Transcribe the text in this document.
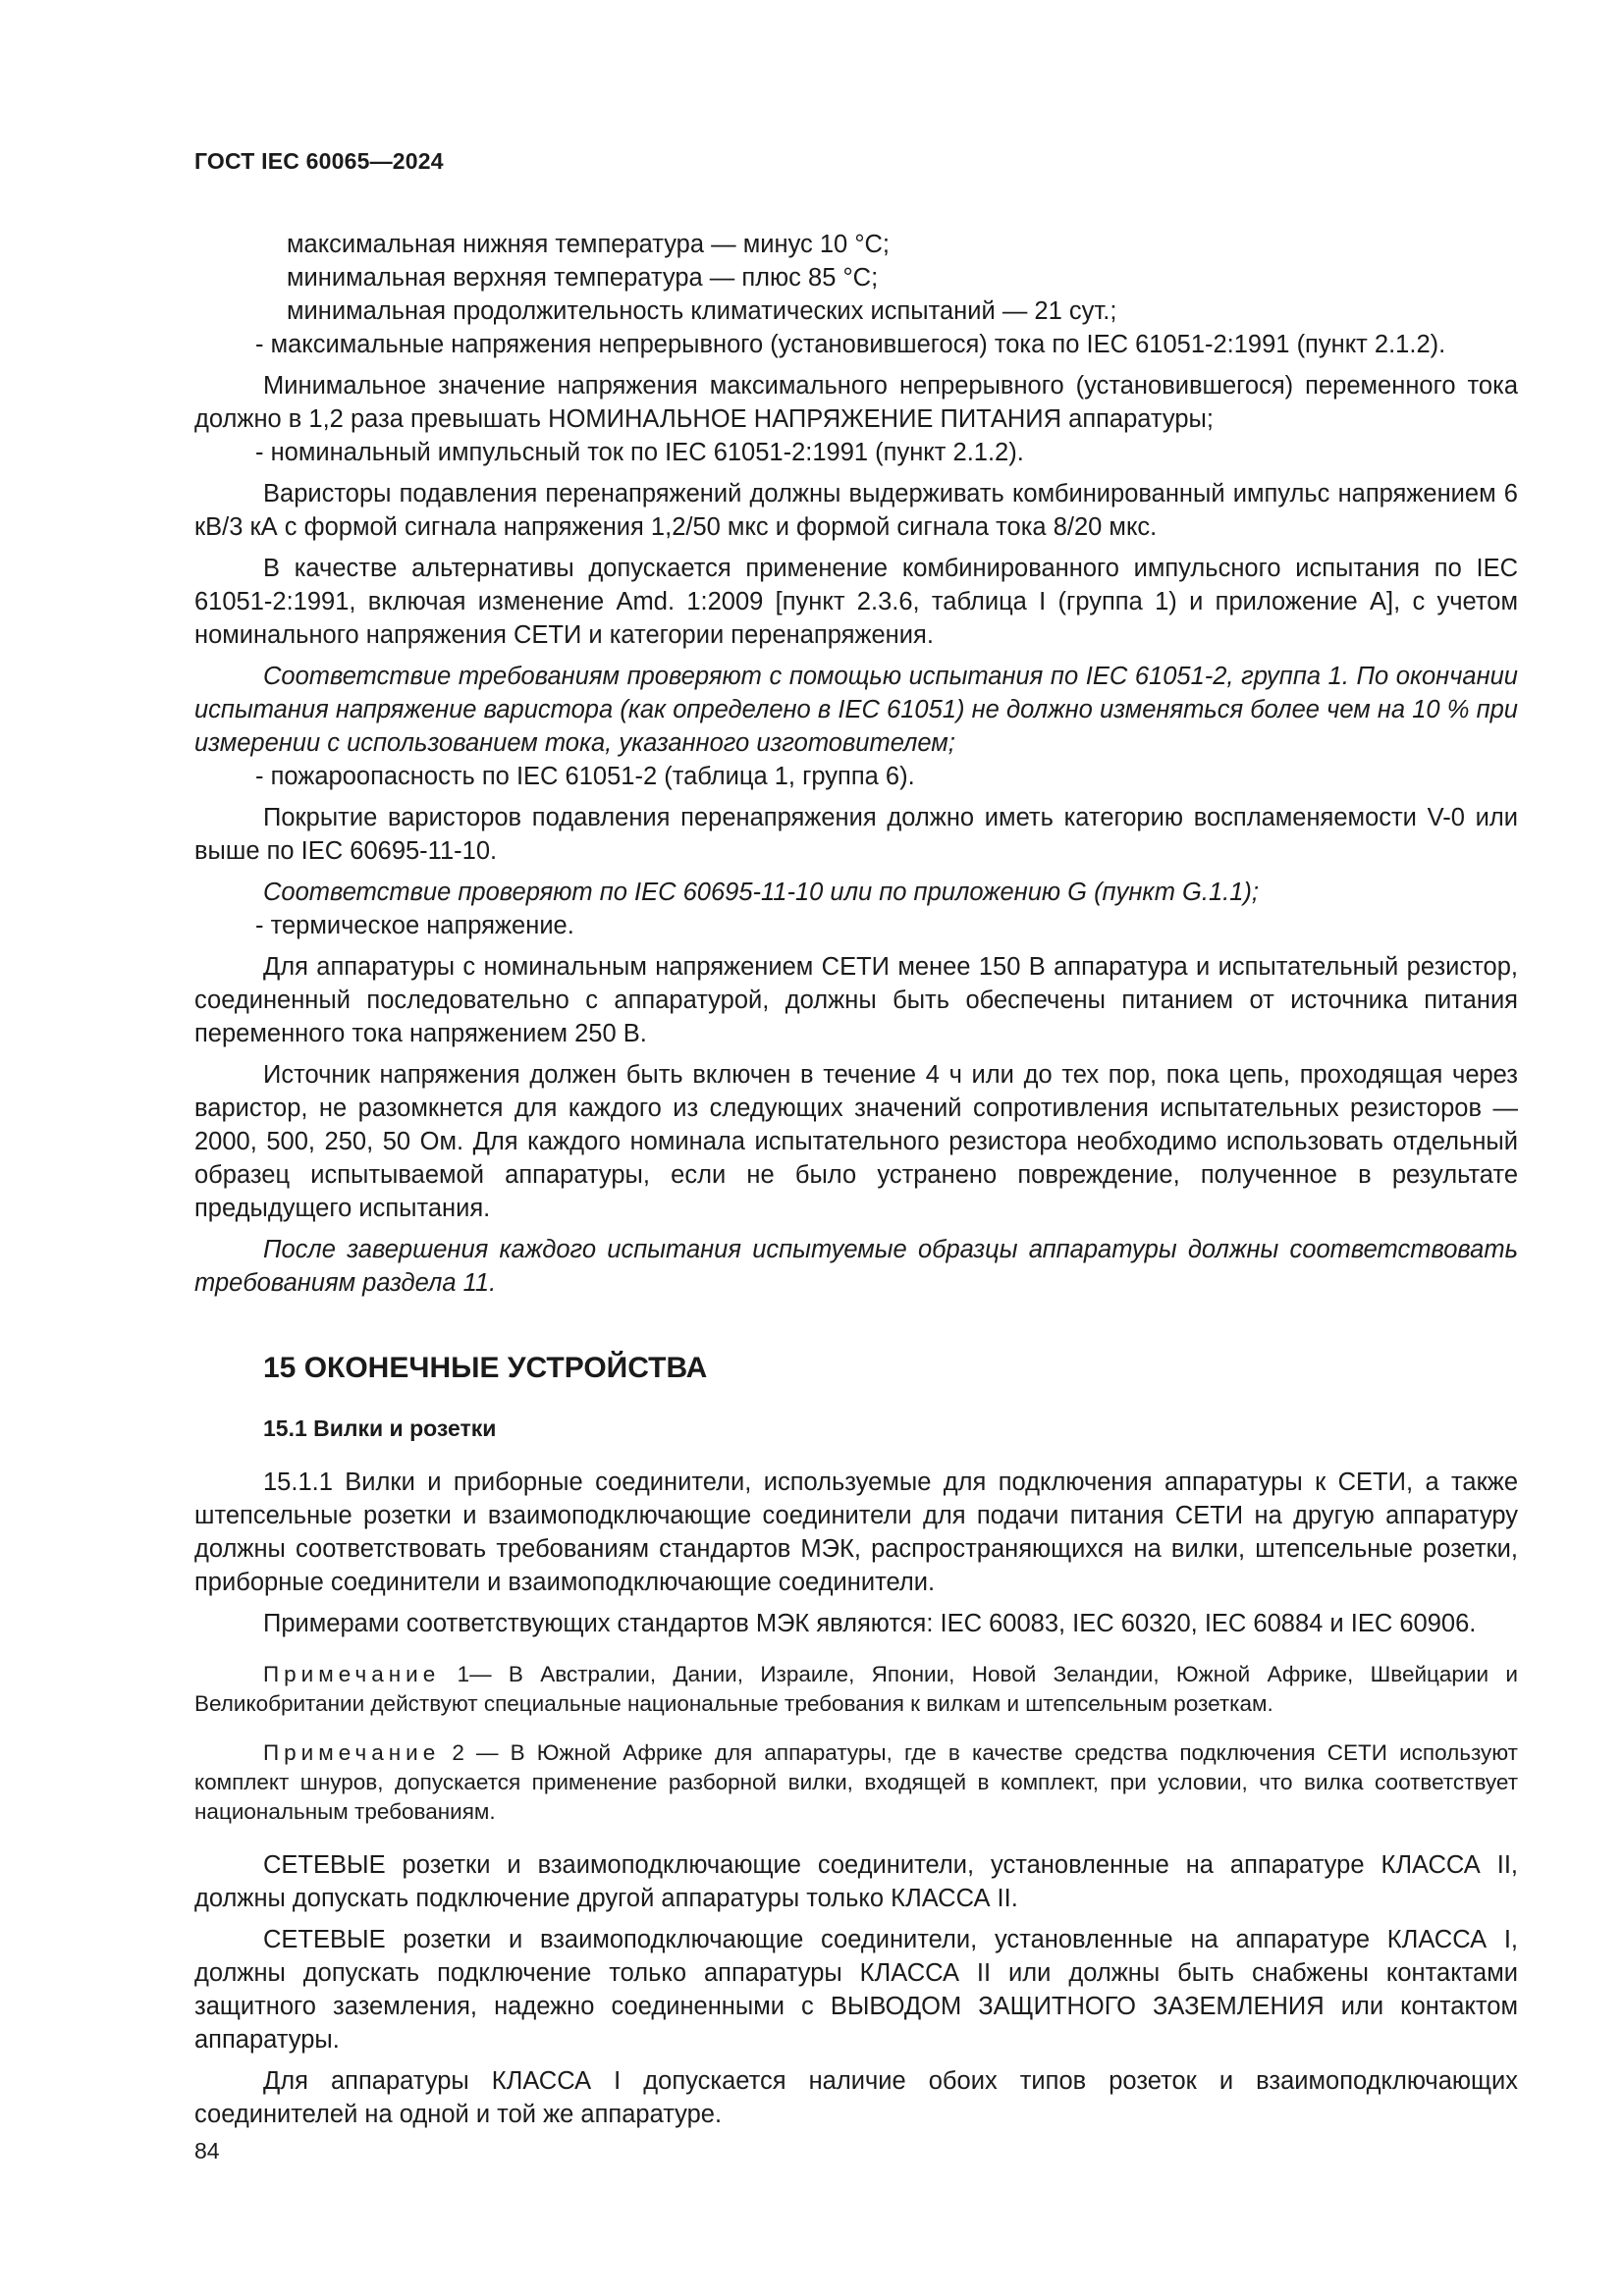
ГОСТ IEC 60065—2024

максимальная нижняя температура — минус 10 °С;

минимальная верхняя температура — плюс 85 °С;

минимальная продолжительность климатических испытаний — 21 сут.;

- максимальные напряжения непрерывного (установившегося) тока по IEC 61051-2:1991 (пункт 2.1.2).

Минимальное значение напряжения максимального непрерывного (установившегося) переменного тока должно в 1,2 раза превышать НОМИНАЛЬНОЕ НАПРЯЖЕНИЕ ПИТАНИЯ аппаратуры;

- номинальный импульсный ток по IEC 61051-2:1991 (пункт 2.1.2).

Варисторы подавления перенапряжений должны выдерживать комбинированный импульс напряжением 6 кВ/3 кА с формой сигнала напряжения 1,2/50 мкс и формой сигнала тока 8/20 мкс.

В качестве альтернативы допускается применение комбинированного импульсного испытания по IEC 61051-2:1991, включая изменение Amd. 1:2009 [пункт 2.3.6, таблица I (группа 1) и приложение А], с учетом номинального напряжения СЕТИ и категории перенапряжения.

Соответствие требованиям проверяют с помощью испытания по IEC 61051-2, группа 1. По окончании испытания напряжение варистора (как определено в IEC 61051) не должно изменяться более чем на 10 % при измерении с использованием тока, указанного изготовителем;

- пожароопасность по IEC 61051-2 (таблица 1, группа 6).

Покрытие варисторов подавления перенапряжения должно иметь категорию воспламеняемости V-0 или выше по IEC 60695-11-10.

Соответствие проверяют по IEC 60695-11-10 или по приложению G (пункт G.1.1);

- термическое напряжение.

Для аппаратуры с номинальным напряжением СЕТИ менее 150 В аппаратура и испытательный резистор, соединенный последовательно с аппаратурой, должны быть обеспечены питанием от источника питания переменного тока напряжением 250 В.

Источник напряжения должен быть включен в течение 4 ч или до тех пор, пока цепь, проходящая через варистор, не разомкнется для каждого из следующих значений сопротивления испытательных резисторов — 2000, 500, 250, 50 Ом. Для каждого номинала испытательного резистора необходимо использовать отдельный образец испытываемой аппаратуры, если не было устранено повреждение, полученное в результате предыдущего испытания.

После завершения каждого испытания испытуемые образцы аппаратуры должны соответствовать требованиям раздела 11.

15 ОКОНЕЧНЫЕ УСТРОЙСТВА
15.1 Вилки и розетки

15.1.1 Вилки и приборные соединители, используемые для подключения аппаратуры к СЕТИ, а также штепсельные розетки и взаимоподключающие соединители для подачи питания СЕТИ на другую аппаратуру должны соответствовать требованиям стандартов МЭК, распространяющихся на вилки, штепсельные розетки, приборные соединители и взаимоподключающие соединители.

Примерами соответствующих стандартов МЭК являются: IEC 60083, IEC 60320, IEC 60884 и IEC 60906.

Примечание 1— В Австралии, Дании, Израиле, Японии, Новой Зеландии, Южной Африке, Швейцарии и Великобритании действуют специальные национальные требования к вилкам и штепсельным розеткам.

Примечание 2 — В Южной Африке для аппаратуры, где в качестве средства подключения СЕТИ используют комплект шнуров, допускается применение разборной вилки, входящей в комплект, при условии, что вилка соответствует национальным требованиям.

СЕТЕВЫЕ розетки и взаимоподключающие соединители, установленные на аппаратуре КЛАССА II, должны допускать подключение другой аппаратуры только КЛАССА II.

СЕТЕВЫЕ розетки и взаимоподключающие соединители, установленные на аппаратуре КЛАССА I, должны допускать подключение только аппаратуры КЛАССА II или должны быть снабжены контактами защитного заземления, надежно соединенными с ВЫВОДОМ ЗАЩИТНОГО ЗАЗЕМЛЕНИЯ или контактом аппаратуры.

Для аппаратуры КЛАССА I допускается наличие обоих типов розеток и взаимоподключающих соединителей на одной и той же аппаратуре.

84
